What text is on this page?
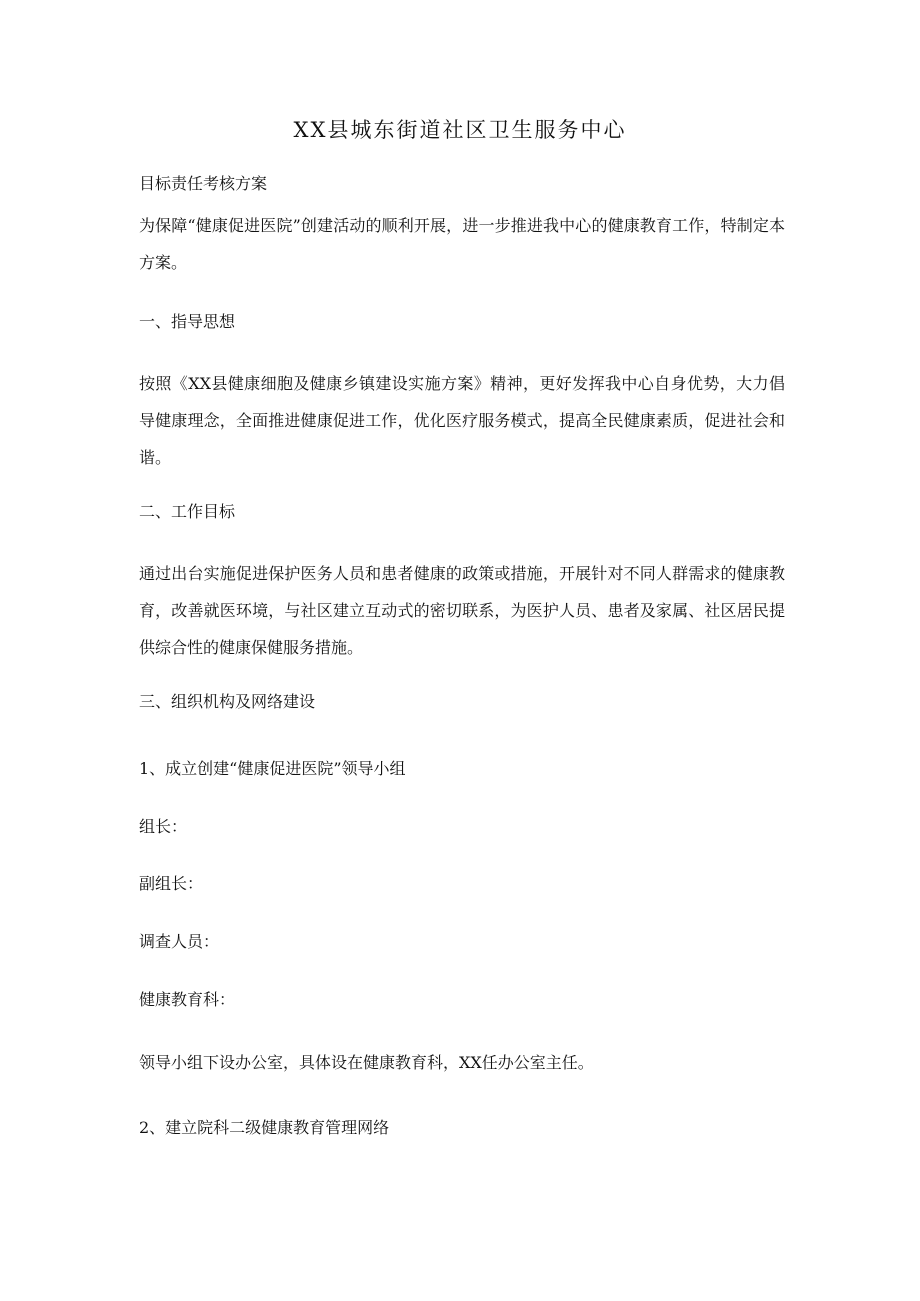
XX县城东街道社区卫生服务中心

目标责任考核方案

为保障“健康促进医院”创建活动的顺利开展，进一步推进我中心的健康教育工作，特制定本方案。

一、指导思想

按照《XX县健康细胞及健康乡镇建设实施方案》精神，更好发挥我中心自身优势，大力倡导健康理念，全面推进健康促进工作，优化医疗服务模式，提高全民健康素质，促进社会和谐。

二、工作目标

通过出台实施促进保护医务人员和患者健康的政策或措施，开展针对不同人群需求的健康教育，改善就医环境，与社区建立互动式的密切联系，为医护人员、患者及家属、社区居民提供综合性的健康保健服务措施。

三、组织机构及网络建设

1、成立创建“健康促进医院”领导小组

组长：

副组长：

调查人员：

健康教育科：

领导小组下设办公室，具体设在健康教育科，XX任办公室主任。

2、建立院科二级健康教育管理网络
